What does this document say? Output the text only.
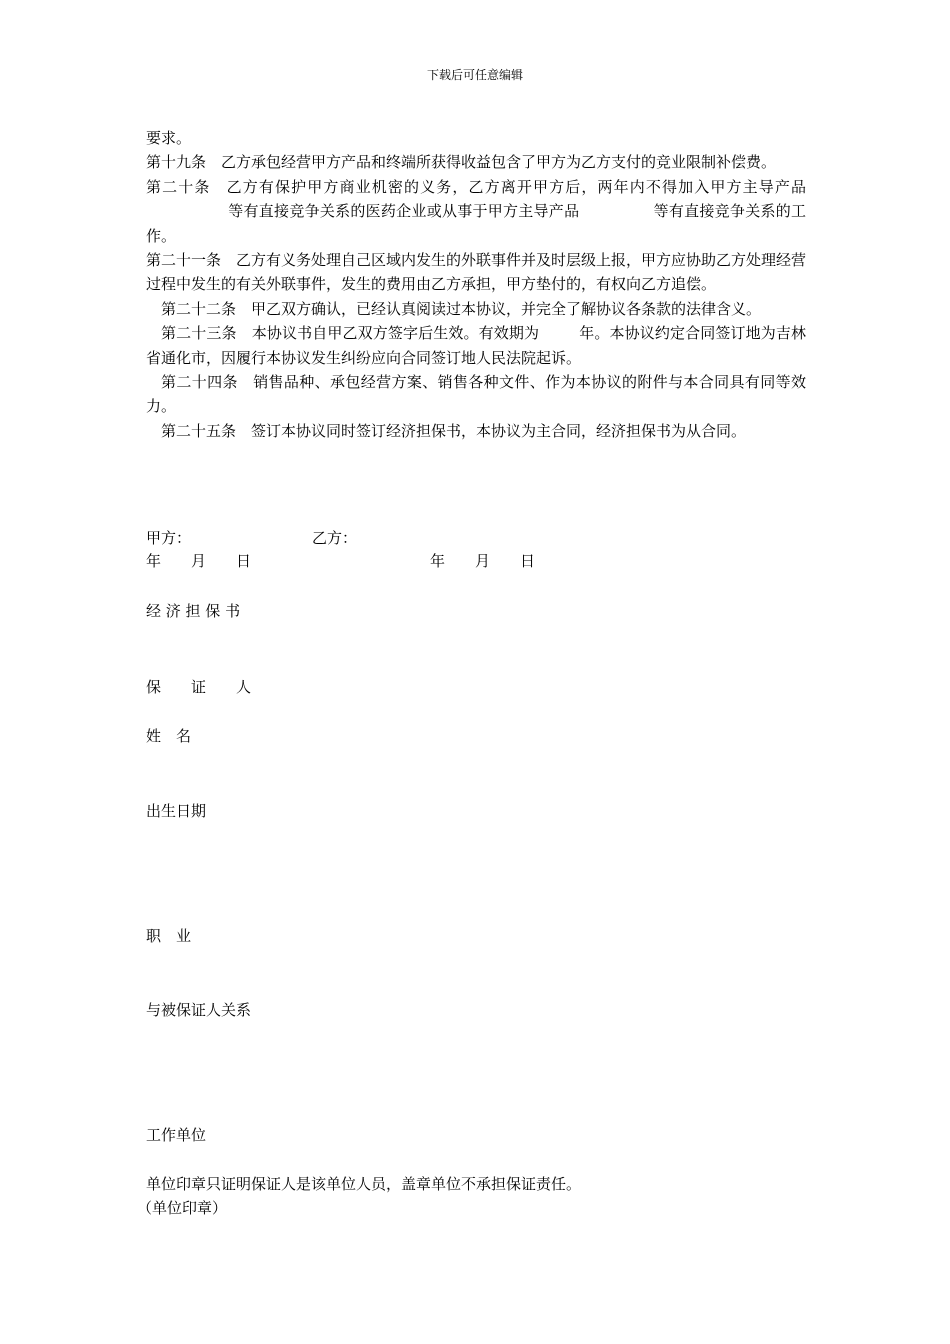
下载后可任意编辑

要求。

第十九条　乙方承包经营甲方产品和终端所获得收益包含了甲方为乙方支付的竞业限制补偿费。

第二十条　乙方有保护甲方商业机密的义务，乙方离开甲方后，两年内不得加入甲方主导产品等有直接竞争关系的医药企业或从事于甲方主导产品	等有直接竞争关系的工作。

第二十一条　乙方有义务处理自己区域内发生的外联事件并及时层级上报，甲方应协助乙方处理经营过程中发生的有关外联事件，发生的费用由乙方承担，甲方垫付的，有权向乙方追偿。

第二十二条　甲乙双方确认，已经认真阅读过本协议，并完全了解协议各条款的法律含义。

第二十三条　本协议书自甲乙双方签字后生效。有效期为	年。本协议约定合同签订地为吉林省通化市，因履行本协议发生纠纷应向合同签订地人民法院起诉。

第二十四条　销售品种、承包经营方案、销售各种文件、作为本协议的附件与本合同具有同等效力。

第二十五条　签订本协议同时签订经济担保书，本协议为主合同，经济担保书为从合同。

甲方：	乙方：
年　　月　　日	年　　月　　日
经 济 担 保 书
保　　证　　人
姓　名
出生日期
职　业
与被保证人关系
工作单位
单位印章只证明保证人是该单位人员，盖章单位不承担保证责任。
（单位印章）
